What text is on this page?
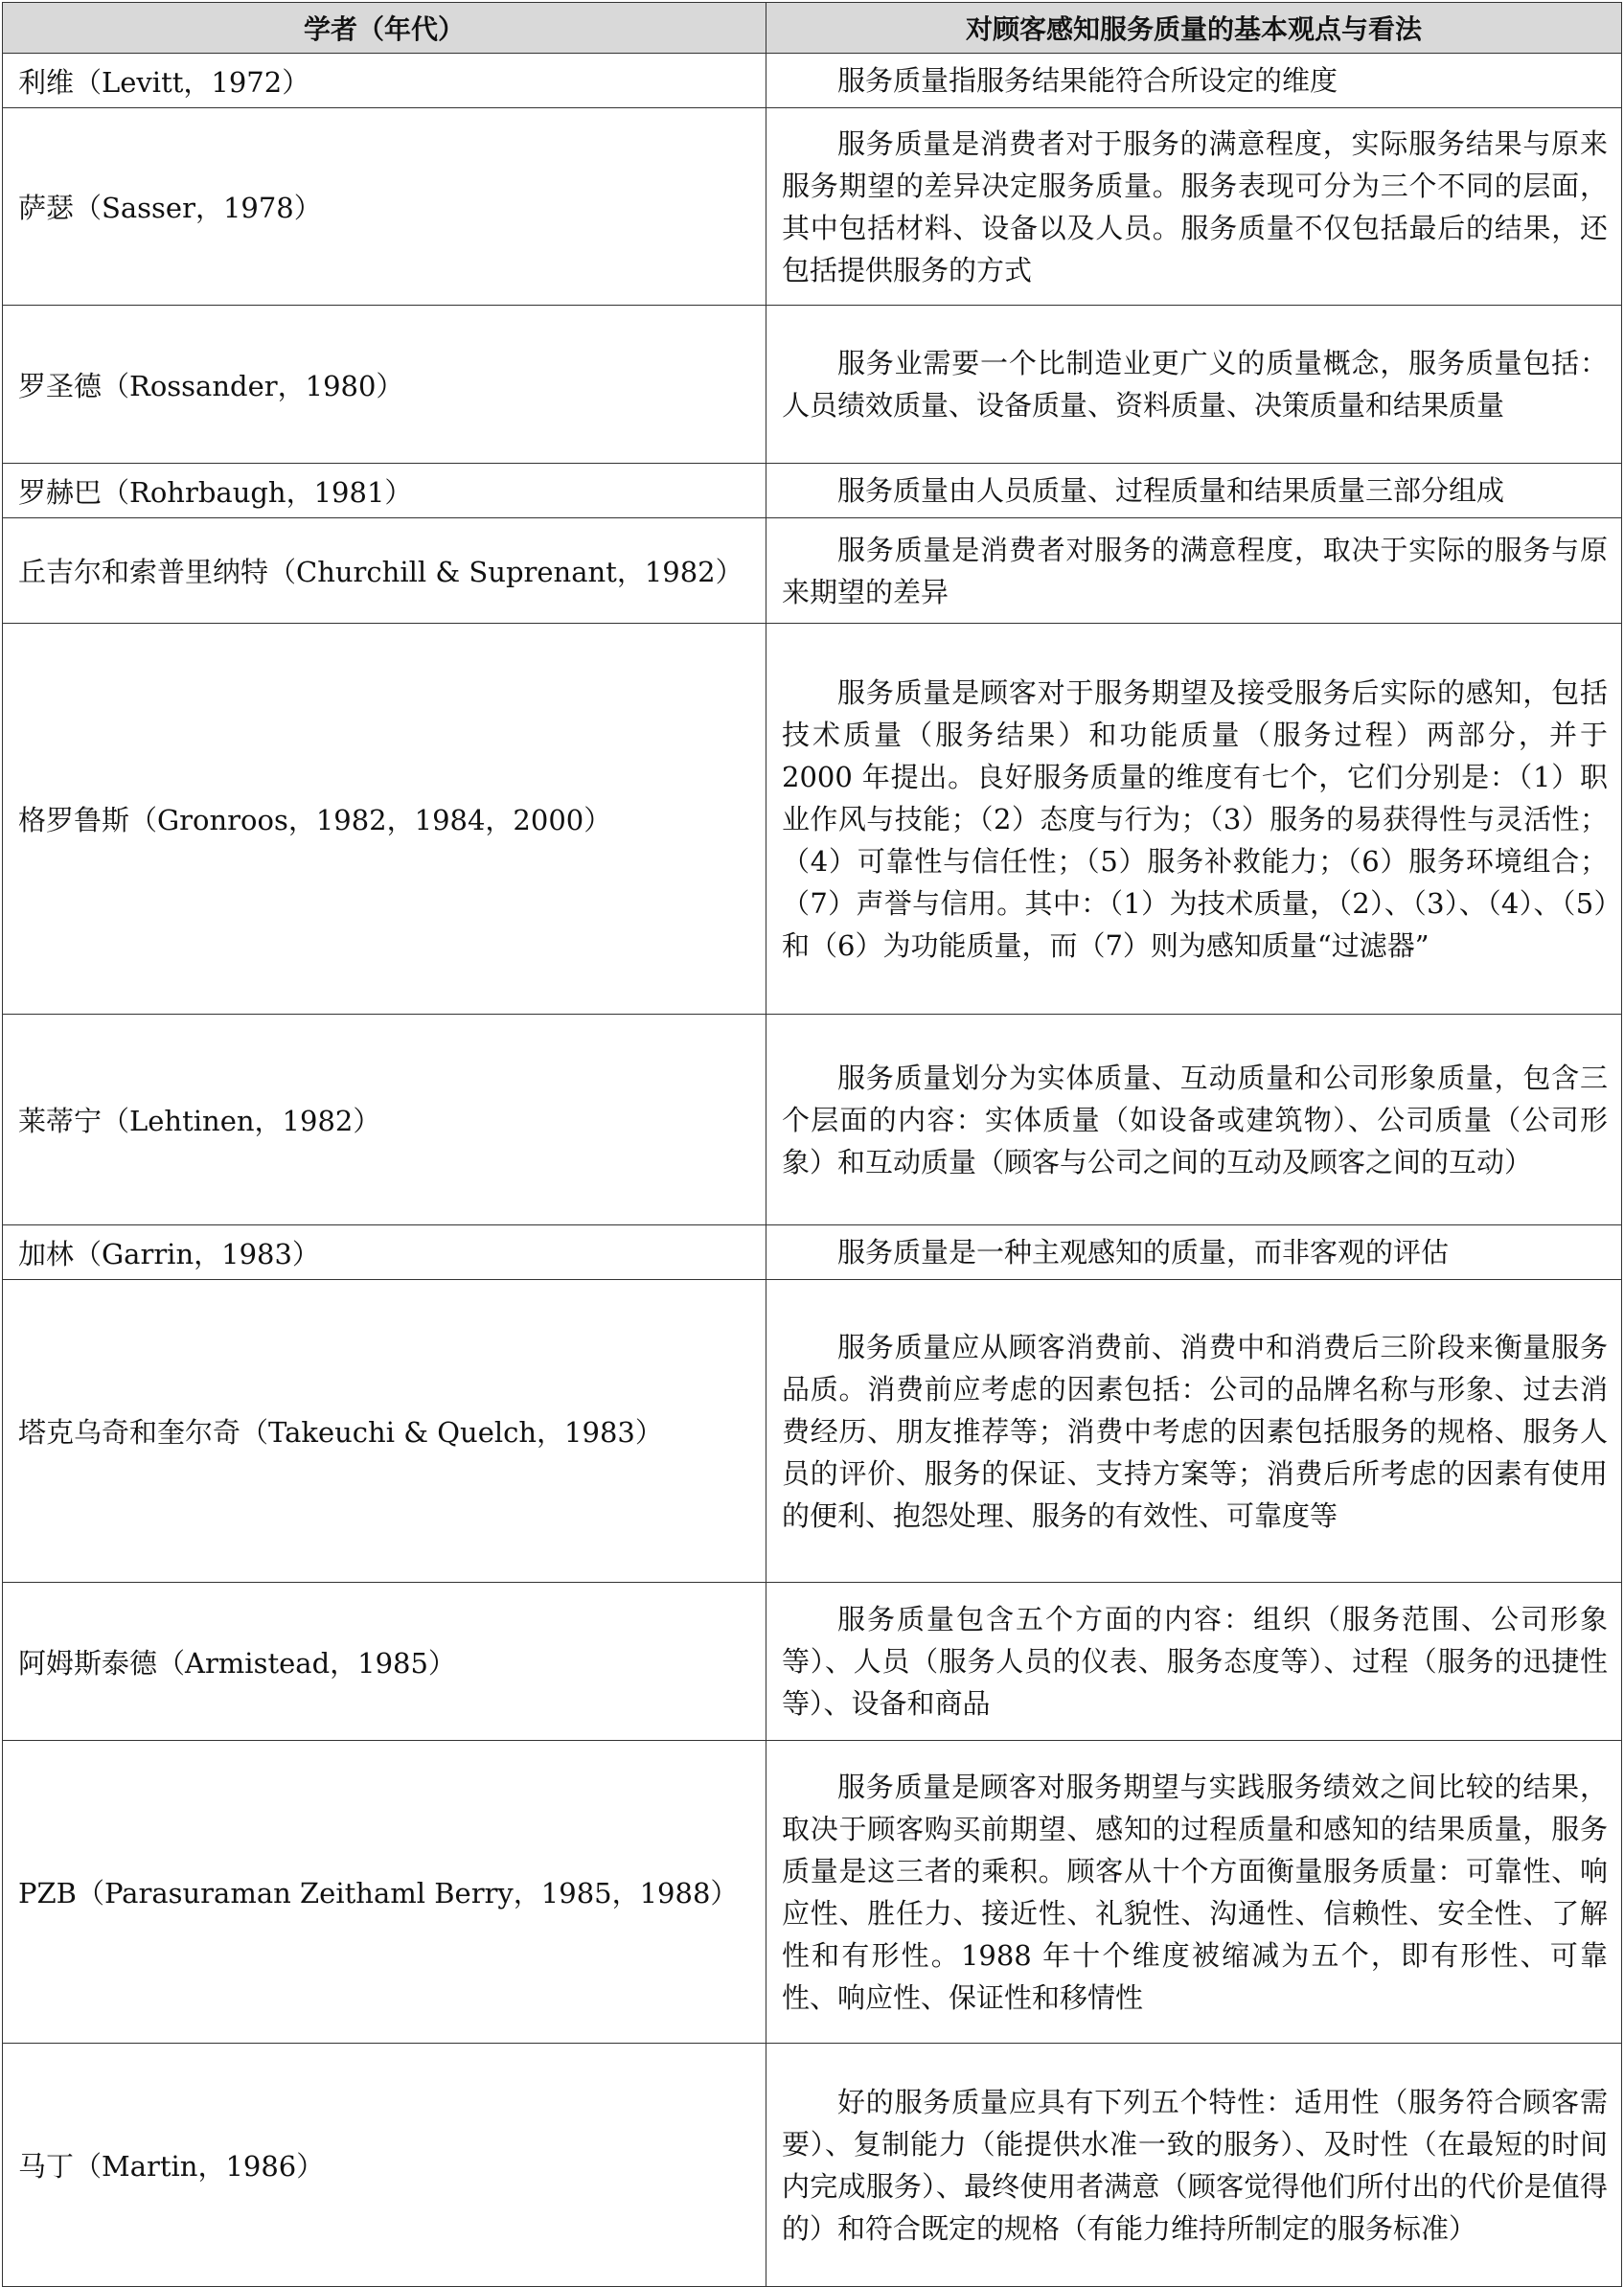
学者（年代）	对顾客感知服务质量的基本观点与看法
利维（Levitt，1972）	服务质量指服务结果能符合所设定的维度

萨瑟（Sasser，1978）	服务质量是消费者对于服务的满意程度，实际服务结果与原来服务期望的差异决定服务质量。服务表现可分为三个不同的层面，其中包括材料、设备以及人员。服务质量不仅包括最后的结果，还包括提供服务的方式

罗圣德（Rossander，1980）	服务业需要一个比制造业更广义的质量概念，服务质量包括：人员绩效质量、设备质量、资料质量、决策质量和结果质量

罗赫巴（Rohrbaugh，1981）	服务质量由人员质量、过程质量和结果质量三部分组成

丘吉尔和索普里纳特（Churchill & Suprenant，1982）	服务质量是消费者对服务的满意程度，取决于实际的服务与原来期望的差异

格罗鲁斯（Gronroos，1982，1984，2000）	服务质量是顾客对于服务期望及接受服务后实际的感知，包括技术质量（服务结果）和功能质量（服务过程）两部分，并于 2000 年提出。良好服务质量的维度有七个，它们分别是：（1）职业作风与技能；（2）态度与行为；（3）服务的易获得性与灵活性；（4）可靠性与信任性；（5）服务补救能力；（6）服务环境组合；（7）声誉与信用。其中：（1）为技术质量，（2）、（3）、（4）、（5）和（6）为功能质量，而（7）则为感知质量“过滤器”

莱蒂宁（Lehtinen，1982）	服务质量划分为实体质量、互动质量和公司形象质量，包含三个层面的内容：实体质量（如设备或建筑物）、公司质量（公司形象）和互动质量（顾客与公司之间的互动及顾客之间的互动）

加林（Garrin，1983）	服务质量是一种主观感知的质量，而非客观的评估

塔克乌奇和奎尔奇（Takeuchi & Quelch，1983）	服务质量应从顾客消费前、消费中和消费后三阶段来衡量服务品质。消费前应考虑的因素包括：公司的品牌名称与形象、过去消费经历、朋友推荐等；消费中考虑的因素包括服务的规格、服务人员的评价、服务的保证、支持方案等；消费后所考虑的因素有使用的便利、抱怨处理、服务的有效性、可靠度等

阿姆斯泰德（Armistead，1985）	服务质量包含五个方面的内容：组织（服务范围、公司形象等）、人员（服务人员的仪表、服务态度等）、过程（服务的迅捷性等）、设备和商品

PZB（Parasuraman Zeithaml Berry，1985，1988）	服务质量是顾客对服务期望与实践服务绩效之间比较的结果，取决于顾客购买前期望、感知的过程质量和感知的结果质量，服务质量是这三者的乘积。顾客从十个方面衡量服务质量：可靠性、响应性、胜任力、接近性、礼貌性、沟通性、信赖性、安全性、了解性和有形性。1988 年十个维度被缩减为五个，即有形性、可靠性、响应性、保证性和移情性

马丁（Martin，1986）	好的服务质量应具有下列五个特性：适用性（服务符合顾客需要）、复制能力（能提供水准一致的服务）、及时性（在最短的时间内完成服务）、最终使用者满意（顾客觉得他们所付出的代价是值得的）和符合既定的规格（有能力维持所制定的服务标准）
